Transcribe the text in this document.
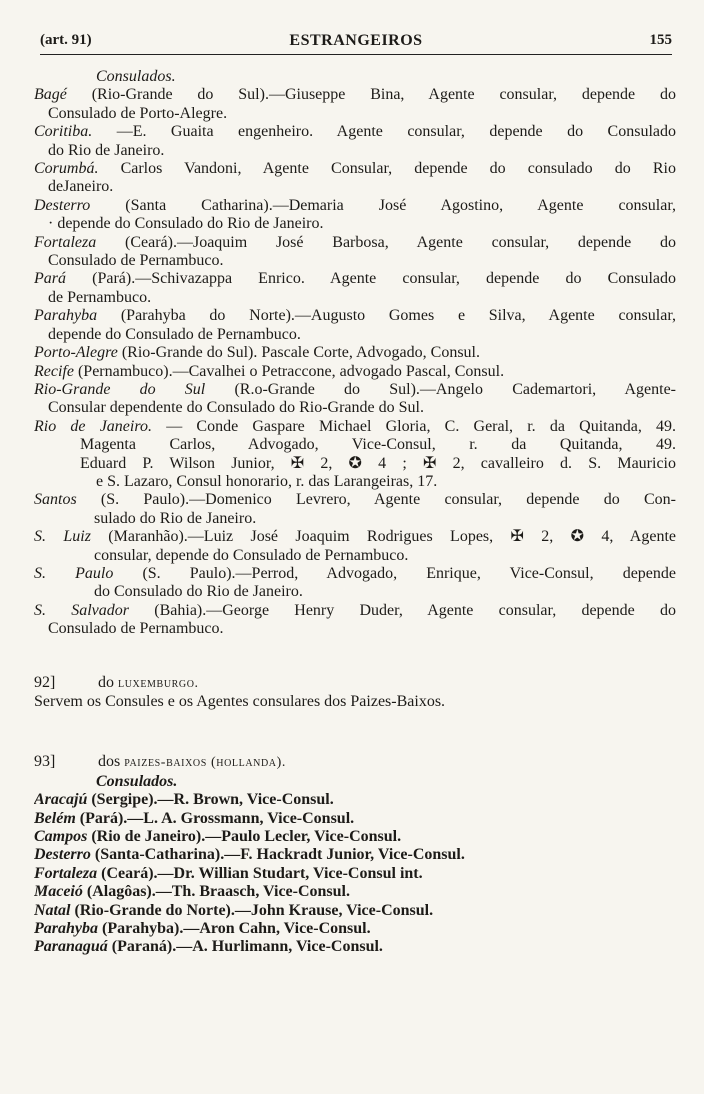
(art. 91)	ESTRANGEIROS	155
Consulados.
Bagé (Rio-Grande do Sul).—Giuseppe Bina, Agente consular, depende do
Consulado de Porto-Alegre.
Coritiba. —E. Guaita engenheiro. Agente consular, depende do Consulado
do Rio de Janeiro.
Corumbá. Carlos Vandoni, Agente Consular, depende do consulado do Rio
deJaneiro.
Desterro (Santa Catharina).—Demaria José Agostino, Agente consular,
· depende do Consulado do Rio de Janeiro.
Fortaleza (Ceará).—Joaquim José Barbosa, Agente consular, depende do
Consulado de Pernambuco.
Pará (Pará).—Schivazappa Enrico. Agente consular, depende do Consulado
de Pernambuco.
Parahyba (Parahyba do Norte).—Augusto Gomes e Silva, Agente consular,
depende do Consulado de Pernambuco.
Porto-Alegre (Rio-Grande do Sul). Pascale Corte, Advogado, Consul.
Recife (Pernambuco).—Cavalhei o Petraccone, advogado Pascal, Consul.
Rio-Grande do Sul (R.o-Grande do Sul).—Angelo Cademartori, Agente-
Consular dependente do Consulado do Rio-Grande do Sul.
Rio de Janeiro. — Conde Gaspare Michael Gloria, C. Geral, r. da Quitanda, 49.
Magenta Carlos, Advogado, Vice-Consul, r. da Quitanda, 49.
Eduard P. Wilson Junior, ✠ 2, ✪ 4 ; ✠ 2, cavalleiro d. S. Mauricio
e S. Lazaro, Consul honorario, r. das Larangeiras, 17.
Santos (S. Paulo).—Domenico Levrero, Agente consular, depende do Con-
sulado do Rio de Janeiro.
S. Luiz (Maranhão).—Luiz José Joaquim Rodrigues Lopes, ✠ 2, ✪ 4, Agente
consular, depende do Consulado de Pernambuco.
S. Paulo (S. Paulo).—Perrod, Advogado, Enrique, Vice-Consul, depende
do Consulado do Rio de Janeiro.
S. Salvador (Bahia).—George Henry Duder, Agente consular, depende do
Consulado de Pernambuco.
92]	do luxemburgo.
Servem os Consules e os Agentes consulares dos Paizes-Baixos.
93]	dos paizes-baixos (hollanda).
Consulados.
Aracajú (Sergipe).—R. Brown, Vice-Consul.
Belém (Pará).—L. A. Grossmann, Vice-Consul.
Campos (Rio de Janeiro).—Paulo Lecler, Vice-Consul.
Desterro (Santa-Catharina).—F. Hackradt Junior, Vice-Consul.
Fortaleza (Ceará).—Dr. Willian Studart, Vice-Consul int.
Maceió (Alagôas).—Th. Braasch, Vice-Consul.
Natal (Rio-Grande do Norte).—John Krause, Vice-Consul.
Parahyba (Parahyba).—Aron Cahn, Vice-Consul.
Paranaguá (Paraná).—A. Hurlimann, Vice-Consul.
